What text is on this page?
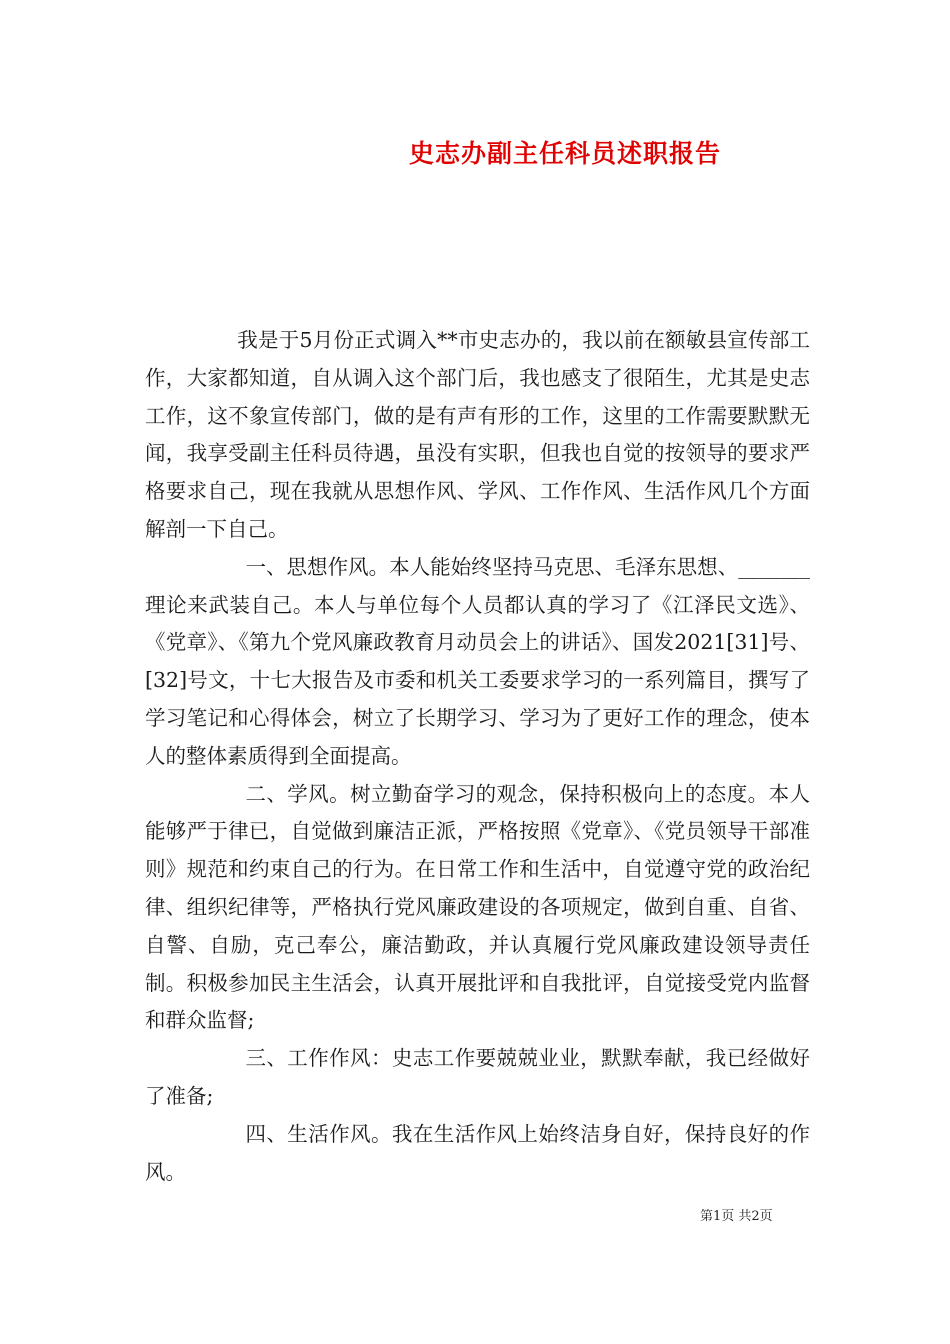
史志办副主任科员述职报告

我是于5月份正式调入**市史志办的，我以前在额敏县宣传部工作，大家都知道，自从调入这个部门后，我也感支了很陌生，尤其是史志工作，这不象宣传部门，做的是有声有形的工作，这里的工作需要默默无闻，我享受副主任科员待遇，虽没有实职，但我也自觉的按领导的要求严格要求自己，现在我就从思想作风、学风、工作作风、生活作风几个方面解剖一下自己。

一、思想作风。本人能始终坚持马克思、毛泽东思想、_______理论来武装自己。本人与单位每个人员都认真的学习了《江泽民文选》、《党章》、《第九个党风廉政教育月动员会上的讲话》、国发2021[31]号、[32]号文，十七大报告及市委和机关工委要求学习的一系列篇目，撰写了学习笔记和心得体会，树立了长期学习、学习为了更好工作的理念，使本人的整体素质得到全面提高。

二、学风。树立勤奋学习的观念，保持积极向上的态度。本人能够严于律已，自觉做到廉洁正派，严格按照《党章》、《党员领导干部准则》规范和约束自己的行为。在日常工作和生活中，自觉遵守党的政治纪律、组织纪律等，严格执行党风廉政建设的各项规定，做到自重、自省、自警、自励，克己奉公，廉洁勤政，并认真履行党风廉政建设领导责任制。积极参加民主生活会，认真开展批评和自我批评，自觉接受党内监督和群众监督;

三、工作作风：史志工作要兢兢业业，默默奉献，我已经做好了准备;

四、生活作风。我在生活作风上始终洁身自好，保持良好的作风。

第1页 共2页
